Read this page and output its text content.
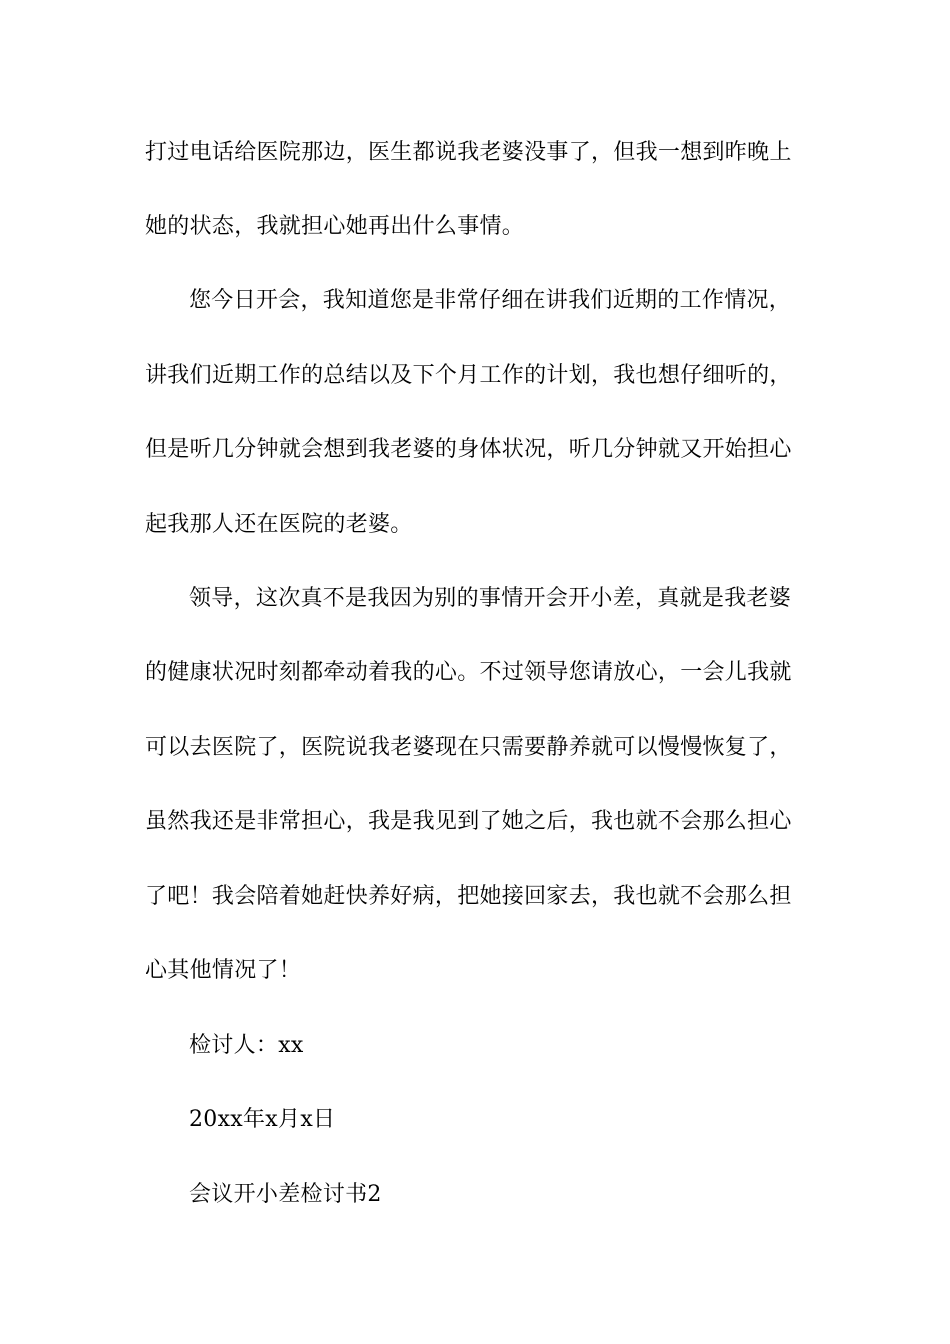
打过电话给医院那边，医生都说我老婆没事了，但我一想到昨晚上
她的状态，我就担心她再出什么事情。
您今日开会，我知道您是非常仔细在讲我们近期的工作情况，
讲我们近期工作的总结以及下个月工作的计划，我也想仔细听的，
但是听几分钟就会想到我老婆的身体状况，听几分钟就又开始担心
起我那人还在医院的老婆。
领导，这次真不是我因为别的事情开会开小差，真就是我老婆
的健康状况时刻都牵动着我的心。不过领导您请放心，一会儿我就
可以去医院了，医院说我老婆现在只需要静养就可以慢慢恢复了，
虽然我还是非常担心，我是我见到了她之后，我也就不会那么担心
了吧！我会陪着她赶快养好病，把她接回家去，我也就不会那么担
心其他情况了！
检讨人：xx
20xx年x月x日
会议开小差检讨书2
